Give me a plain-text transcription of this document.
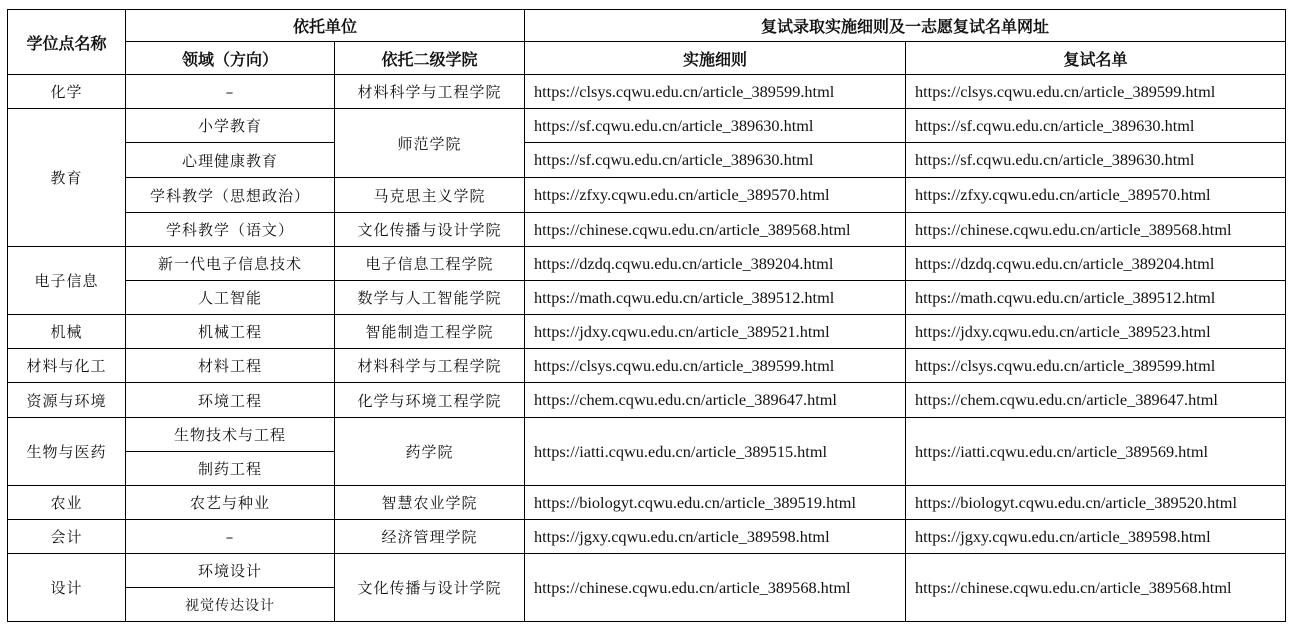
学位点名称	依托单位		复试录取实施细则及一志愿复试名单网址	
	领域（方向）	依托二级学院	实施细则	复试名单
化学	–	材料科学与工程学院	https://clsys.cqwu.edu.cn/article_389599.html	https://clsys.cqwu.edu.cn/article_389599.html
教育	小学教育	师范学院	https://sf.cqwu.edu.cn/article_389630.html	https://sf.cqwu.edu.cn/article_389630.html
	心理健康教育		https://sf.cqwu.edu.cn/article_389630.html	https://sf.cqwu.edu.cn/article_389630.html
	学科教学（思想政治）	马克思主义学院	https://zfxy.cqwu.edu.cn/article_389570.html	https://zfxy.cqwu.edu.cn/article_389570.html
	学科教学（语文）	文化传播与设计学院	https://chinese.cqwu.edu.cn/article_389568.html	https://chinese.cqwu.edu.cn/article_389568.html
电子信息	新一代电子信息技术	电子信息工程学院	https://dzdq.cqwu.edu.cn/article_389204.html	https://dzdq.cqwu.edu.cn/article_389204.html
	人工智能	数学与人工智能学院	https://math.cqwu.edu.cn/article_389512.html	https://math.cqwu.edu.cn/article_389512.html
机械	机械工程	智能制造工程学院	https://jdxy.cqwu.edu.cn/article_389521.html	https://jdxy.cqwu.edu.cn/article_389523.html
材料与化工	材料工程	材料科学与工程学院	https://clsys.cqwu.edu.cn/article_389599.html	https://clsys.cqwu.edu.cn/article_389599.html
资源与环境	环境工程	化学与环境工程学院	https://chem.cqwu.edu.cn/article_389647.html	https://chem.cqwu.edu.cn/article_389647.html
生物与医药	生物技术与工程	药学院	https://iatti.cqwu.edu.cn/article_389515.html	https://iatti.cqwu.edu.cn/article_389569.html
	制药工程			
农业	农艺与种业	智慧农业学院	https://biologyt.cqwu.edu.cn/article_389519.html	https://biologyt.cqwu.edu.cn/article_389520.html
会计	–	经济管理学院	https://jgxy.cqwu.edu.cn/article_389598.html	https://jgxy.cqwu.edu.cn/article_389598.html
设计	环境设计	文化传播与设计学院	https://chinese.cqwu.edu.cn/article_389568.html	https://chinese.cqwu.edu.cn/article_389568.html
	视觉传达设计			
